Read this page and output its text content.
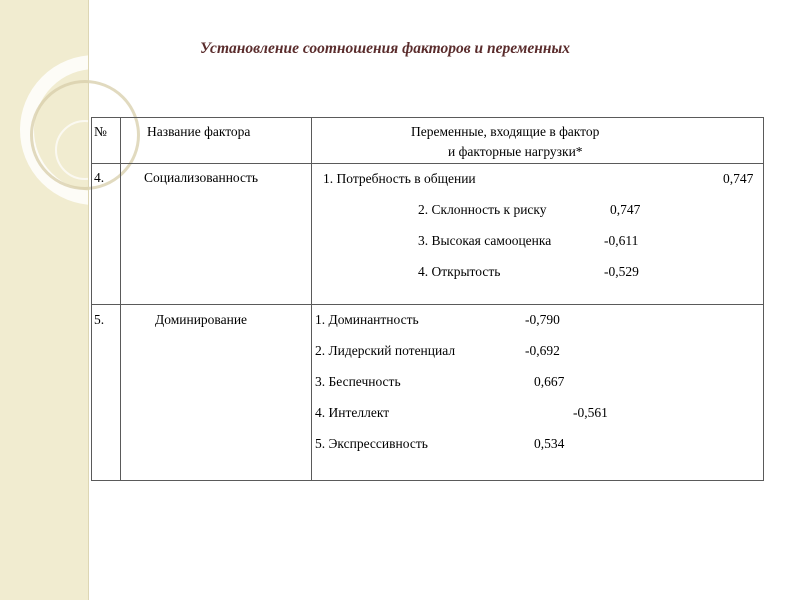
Установление соотношения факторов и переменных
№	Название фактора	Переменные, входящие в фактор
и факторные нагрузки*
4.	Социализованность	1. Потребность в общении	0,747
2. Склонность к риску	0,747
3. Высокая самооценка	-0,611
4. Открытость	-0,529
5.	Доминирование	1. Доминантность	-0,790
2. Лидерский потенциал	-0,692
3. Беспечность	0,667
4. Интеллект	-0,561
5. Экспрессивность	0,534
